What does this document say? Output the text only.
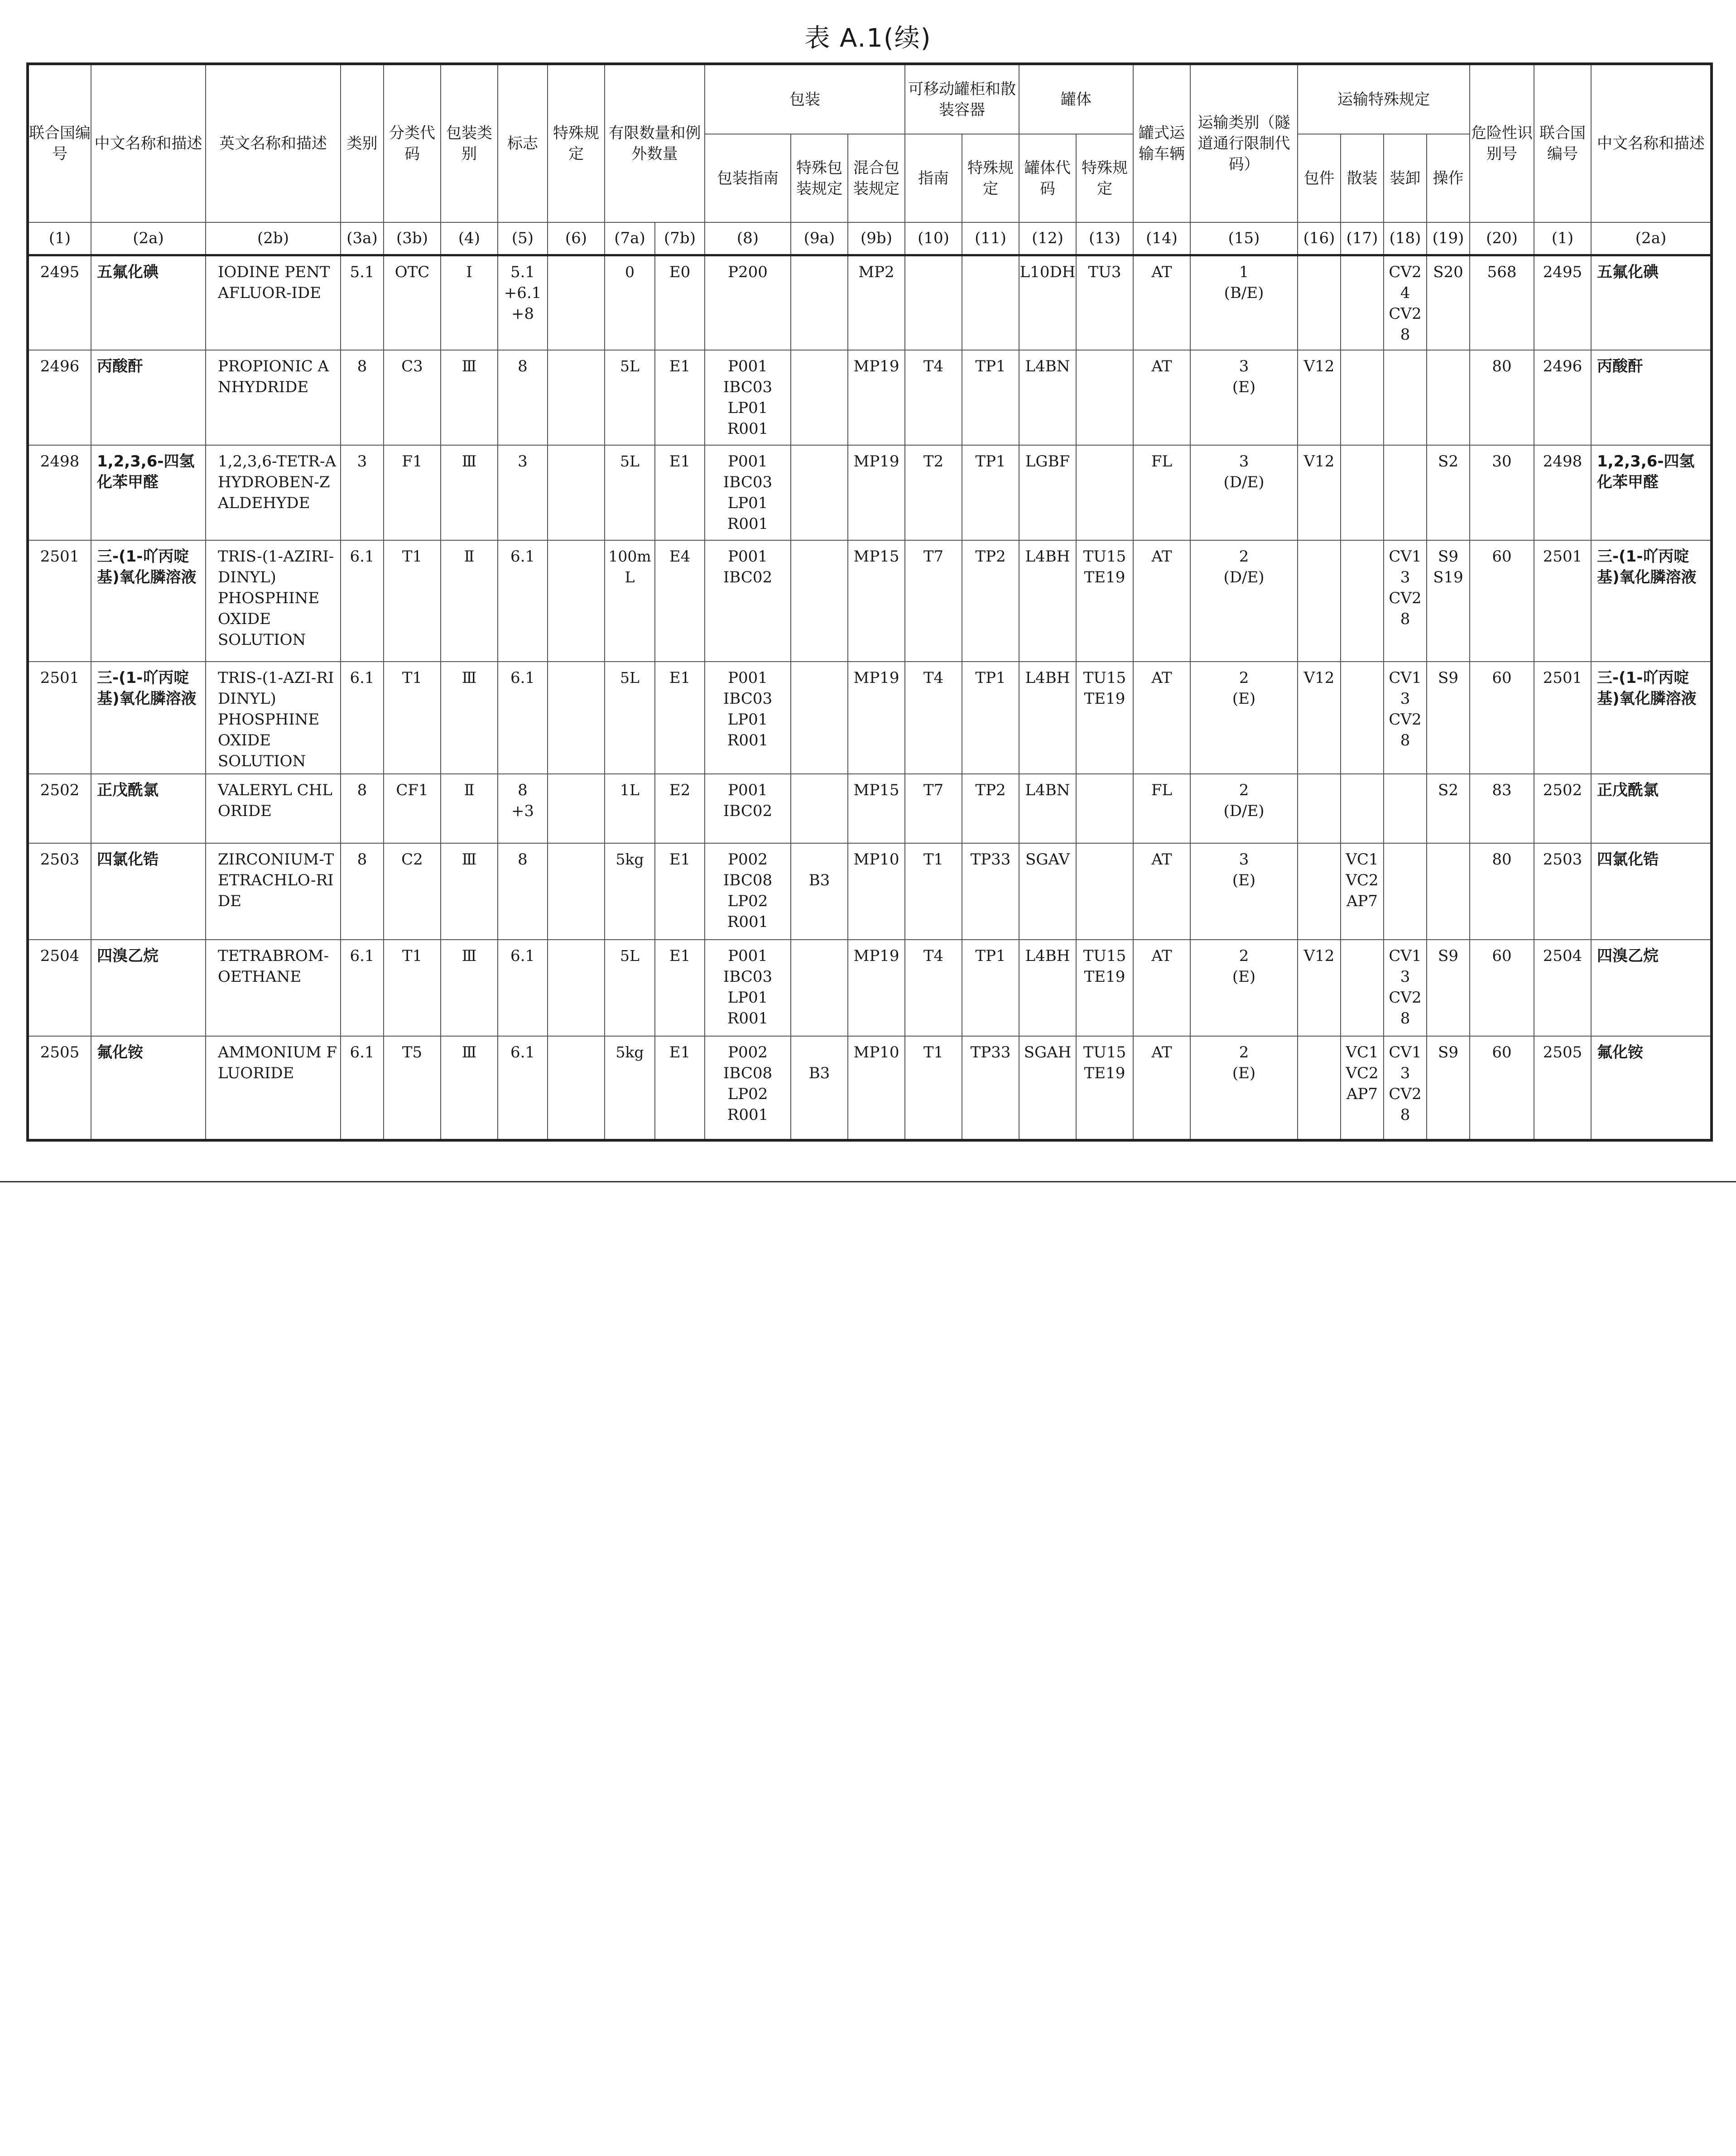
表 A.1(续)
联合国编号	中文名称和描述	英文名称和描述	类别	分类代码	包装类别	标志	特殊规定	有限数量和例外数量		包装			可移动罐柜和散装容器		罐体		罐式运输车辆	运输类别（隧道通行限制代码）	运输特殊规定				危险性识别号	联合国编号	中文名称和描述
										包装指南	特殊包装规定	混合包装规定	指南	特殊规定	罐体代码	特殊规定			包件	散装	装卸	操作			
(1)	(2a)	(2b)	(3a)	(3b)	(4)	(5)	(6)	(7a)	(7b)	(8)	(9a)	(9b)	(10)	(11)	(12)	(13)	(14)	(15)	(16)	(17)	(18)	(19)	(20)	(1)	(2a)
2495	五氟化碘	IODINE PENTAFLUOR-IDE	5.1	OTC	Ⅰ	5.1
+6.1
+8		0	E0	P200		MP2			L10DH	TU3	AT	1
(B/E)			CV24
CV28	S20	568	2495	五氟化碘
2496	丙酸酐	PROPIONIC ANHYDRIDE	8	C3	Ⅲ	8		5L	E1	P001
IBC03
LP01
R001		MP19	T4	TP1	L4BN		AT	3
(E)	V12				80	2496	丙酸酐
2498	1,2,3,6-四氢化苯甲醛	1,2,3,6-TETR-AHYDROBEN-ZALDEHYDE	3	F1	Ⅲ	3		5L	E1	P001
IBC03
LP01
R001		MP19	T2	TP1	LGBF		FL	3
(D/E)	V12			S2	30	2498	1,2,3,6-四氢化苯甲醛
2501	三-(1-吖丙啶基)氧化膦溶液	TRIS-(1-AZIRI-DINYL)
PHOSPHINE
OXIDE
SOLUTION	6.1	T1	Ⅱ	6.1		100mL	E4	P001
IBC02		MP15	T7	TP2	L4BH	TU15
TE19	AT	2
(D/E)			CV13
CV28	S9
S19	60	2501	三-(1-吖丙啶基)氧化膦溶液
2501	三-(1-吖丙啶基)氧化膦溶液	TRIS-(1-AZI-RIDINYL)
PHOSPHINE
OXIDE
SOLUTION	6.1	T1	Ⅲ	6.1		5L	E1	P001
IBC03
LP01
R001		MP19	T4	TP1	L4BH	TU15
TE19	AT	2
(E)	V12		CV13
CV28	S9	60	2501	三-(1-吖丙啶基)氧化膦溶液
2502	正戊酰氯	VALERYL CHLORIDE	8	CF1	Ⅱ	8
+3		1L	E2	P001
IBC02		MP15	T7	TP2	L4BN		FL	2
(D/E)				S2	83	2502	正戊酰氯
2503	四氯化锆	ZIRCONIUM-TETRACHLO-RIDE	8	C2	Ⅲ	8		5kg	E1	P002
IBC08
LP02
R001	B3	MP10	T1	TP33	SGAV		AT	3
(E)		VC1
VC2
AP7			80	2503	四氯化锆
2504	四溴乙烷	TETRABROM-OETHANE	6.1	T1	Ⅲ	6.1		5L	E1	P001
IBC03
LP01
R001		MP19	T4	TP1	L4BH	TU15
TE19	AT	2
(E)	V12		CV13
CV28	S9	60	2504	四溴乙烷
2505	氟化铵	AMMONIUM FLUORIDE	6.1	T5	Ⅲ	6.1		5kg	E1	P002
IBC08
LP02
R001	B3	MP10	T1	TP33	SGAH	TU15
TE19	AT	2
(E)		VC1
VC2
AP7	CV13
CV28	S9	60	2505	氟化铵
